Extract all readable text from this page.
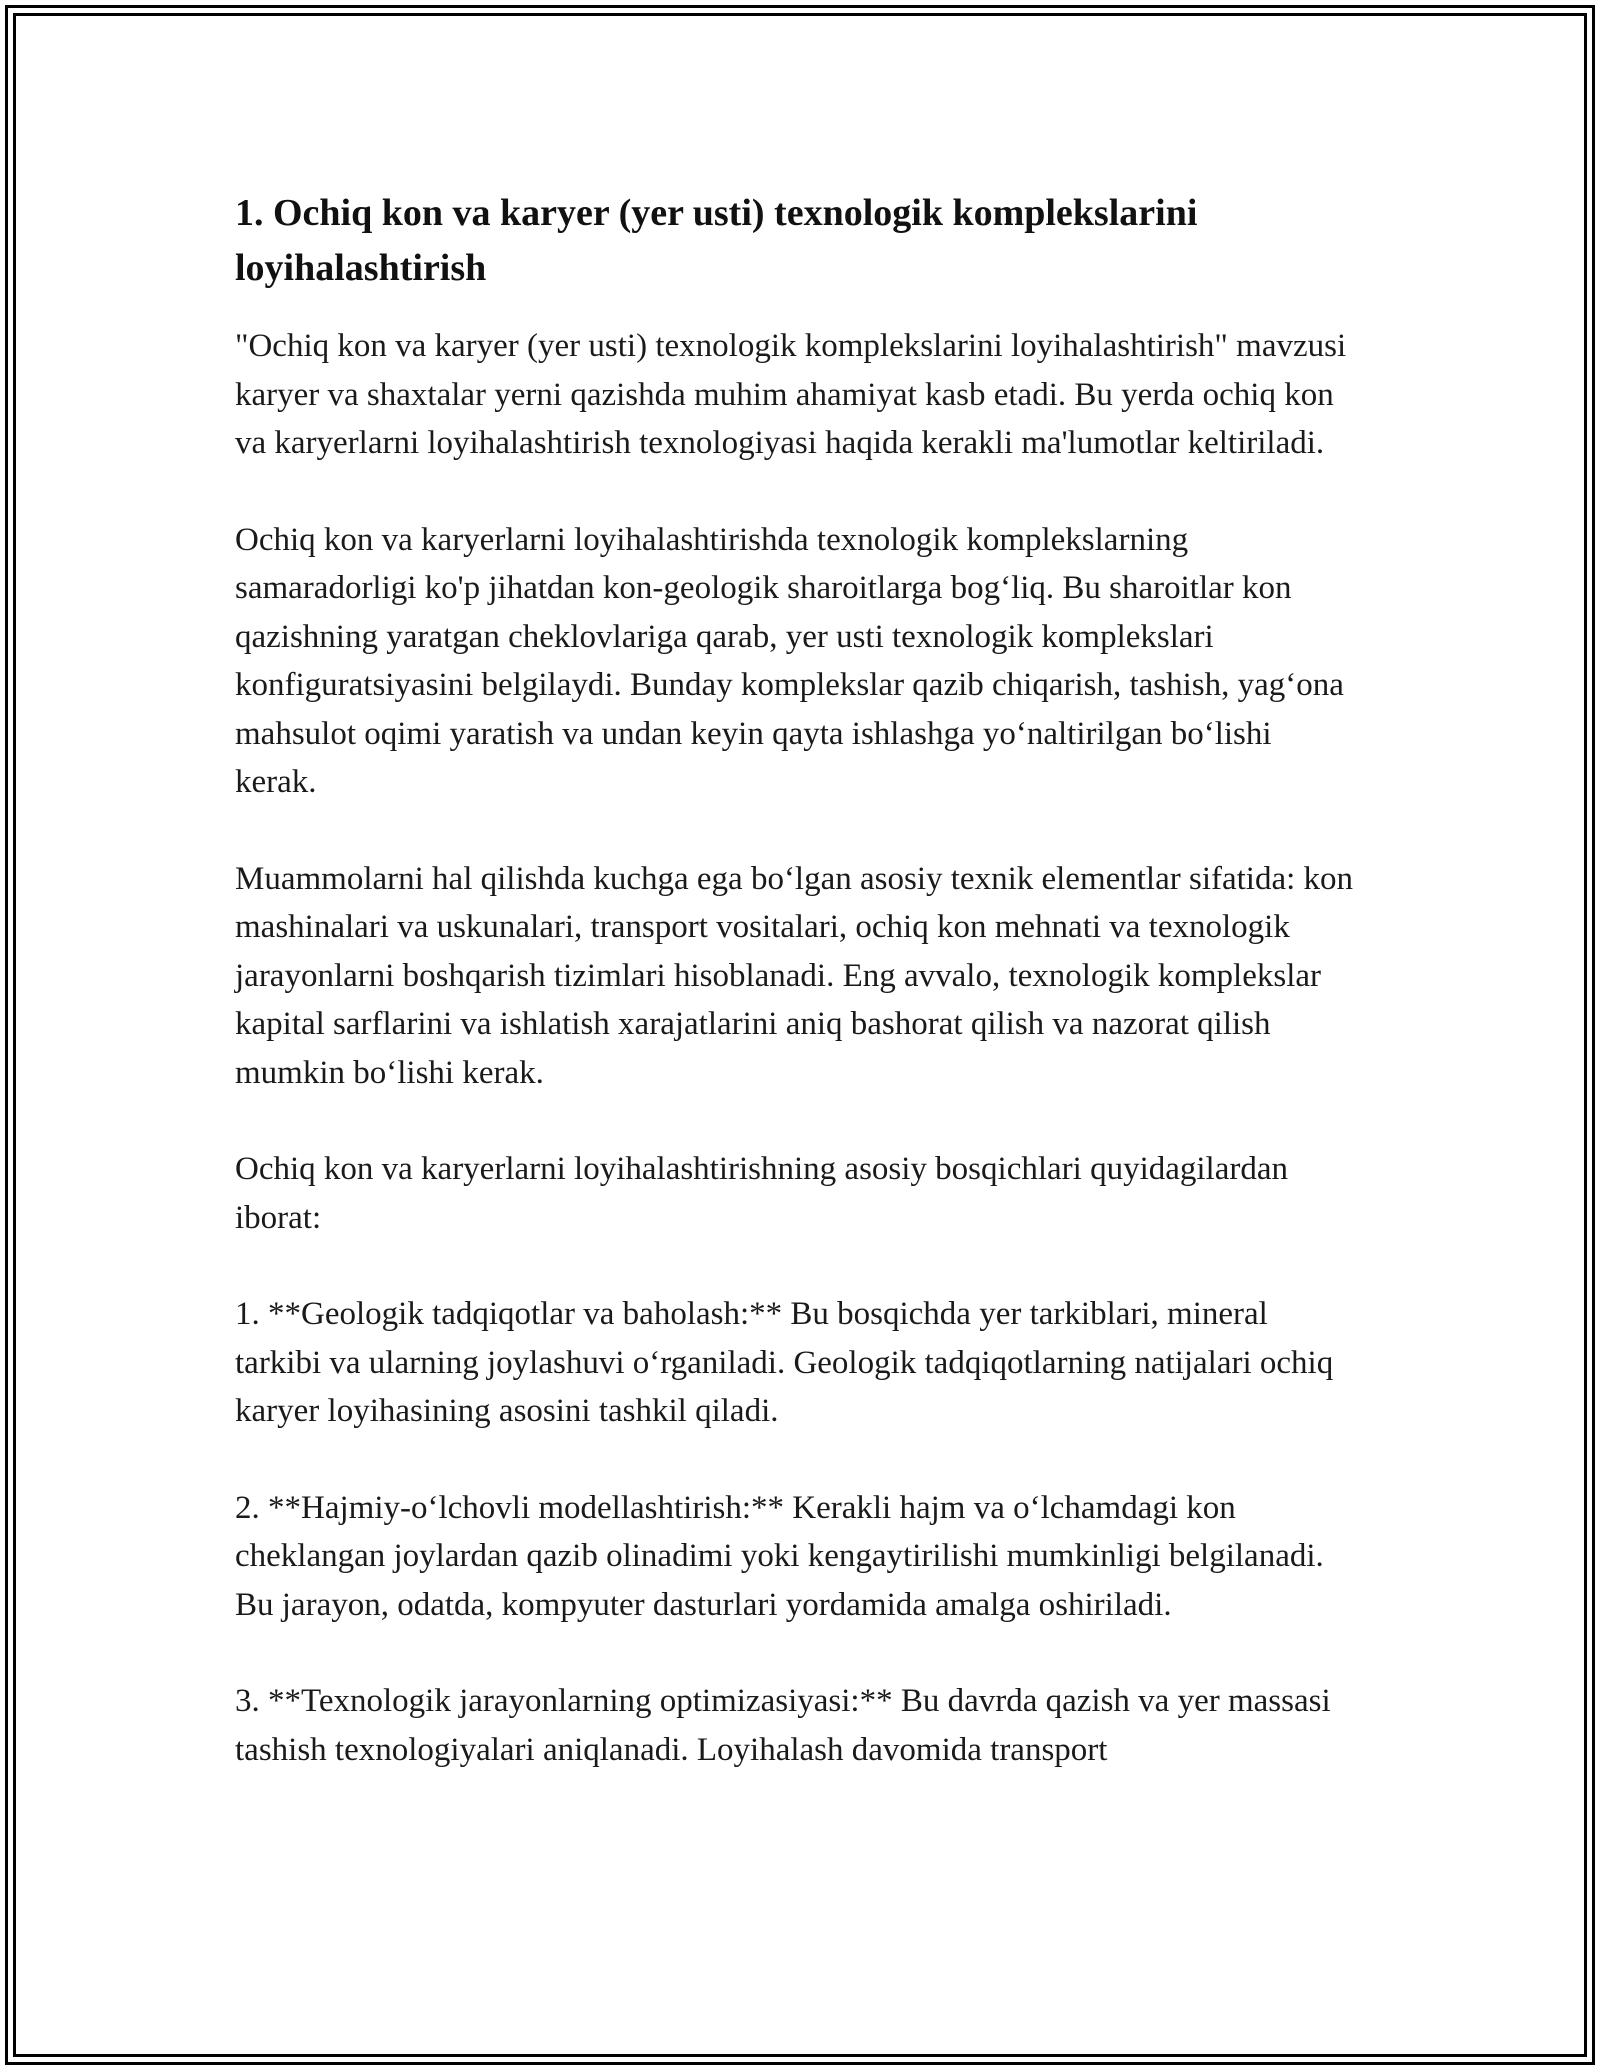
1. Ochiq kon va karyer (yer usti) texnologik komplekslarini loyihalashtirish

"Ochiq kon va karyer (yer usti) texnologik komplekslarini loyihalashtirish" mavzusi karyer va shaxtalar yerni qazishda muhim ahamiyat kasb etadi. Bu yerda ochiq kon va karyerlarni loyihalashtirish texnologiyasi haqida kerakli ma'lumotlar keltiriladi.

Ochiq kon va karyerlarni loyihalashtirishda texnologik komplekslarning samaradorligi ko'p jihatdan kon-geologik sharoitlarga bog‘liq. Bu sharoitlar kon qazishning yaratgan cheklovlariga qarab, yer usti texnologik komplekslari konfiguratsiyasini belgilaydi. Bunday komplekslar qazib chiqarish, tashish, yag‘ona mahsulot oqimi yaratish va undan keyin qayta ishlashga yo‘naltirilgan bo‘lishi kerak.

Muammolarni hal qilishda kuchga ega bo‘lgan asosiy texnik elementlar sifatida: kon mashinalari va uskunalari, transport vositalari, ochiq kon mehnati va texnologik jarayonlarni boshqarish tizimlari hisoblanadi. Eng avvalo, texnologik komplekslar kapital sarflarini va ishlatish xarajatlarini aniq bashorat qilish va nazorat qilish mumkin bo‘lishi kerak.

Ochiq kon va karyerlarni loyihalashtirishning asosiy bosqichlari quyidagilardan iborat:

1. **Geologik tadqiqotlar va baholash:** Bu bosqichda yer tarkiblari, mineral tarkibi va ularning joylashuvi o‘rganiladi. Geologik tadqiqotlarning natijalari ochiq karyer loyihasining asosini tashkil qiladi.

2. **Hajmiy-o‘lchovli modellashtirish:** Kerakli hajm va o‘lchamdagi kon cheklangan joylardan qazib olinadimi yoki kengaytirilishi mumkinligi belgilanadi. Bu jarayon, odatda, kompyuter dasturlari yordamida amalga oshiriladi.

3. **Texnologik jarayonlarning optimizasiyasi:** Bu davrda qazish va yer massasi tashish texnologiyalari aniqlanadi. Loyihalash davomida transport
